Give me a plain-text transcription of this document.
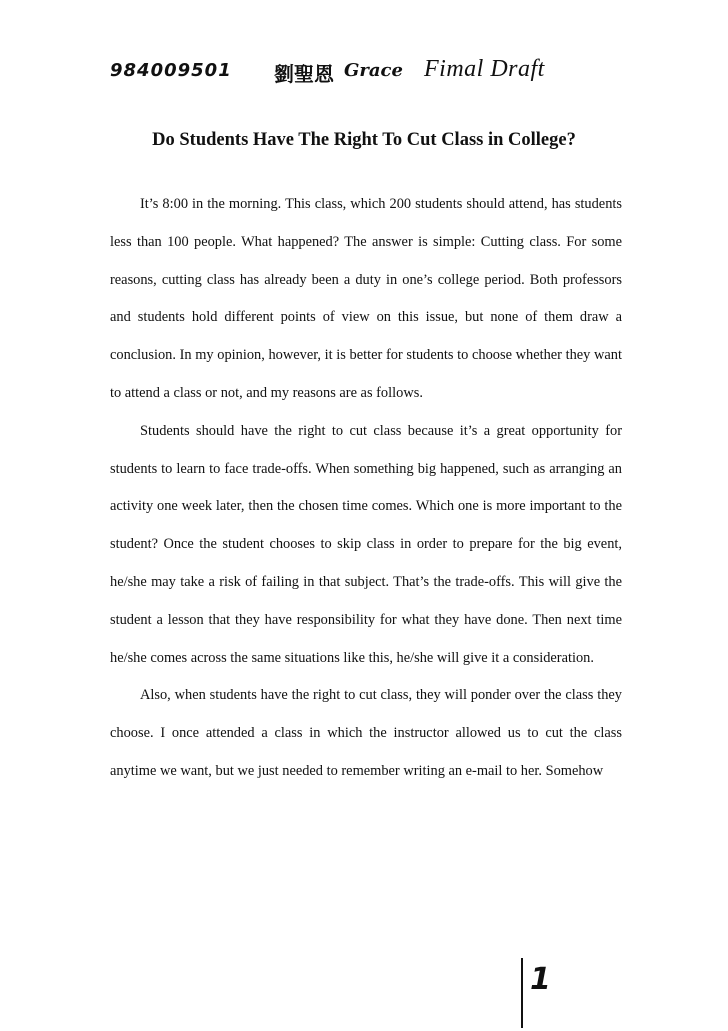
984009501 劉聖恩 Grace Fimal Draft
Do Students Have The Right To Cut Class in College?

It’s 8:00 in the morning. This class, which 200 students should attend, has students less than 100 people. What happened? The answer is simple: Cutting class. For some reasons, cutting class has already been a duty in one’s college period. Both professors and students hold different points of view on this issue, but none of them draw a conclusion. In my opinion, however, it is better for students to choose whether they want to attend a class or not, and my reasons are as follows.

Students should have the right to cut class because it’s a great opportunity for students to learn to face trade-offs. When something big happened, such as arranging an activity one week later, then the chosen time comes. Which one is more important to the student? Once the student chooses to skip class in order to prepare for the big event, he/she may take a risk of failing in that subject. That’s the trade-offs. This will give the student a lesson that they have responsibility for what they have done. Then next time he/she comes across the same situations like this, he/she will give it a consideration.

Also, when students have the right to cut class, they will ponder over the class they choose. I once attended a class in which the instructor allowed us to cut the class anytime we want, but we just needed to remember writing an e-mail to her. Somehow

1
